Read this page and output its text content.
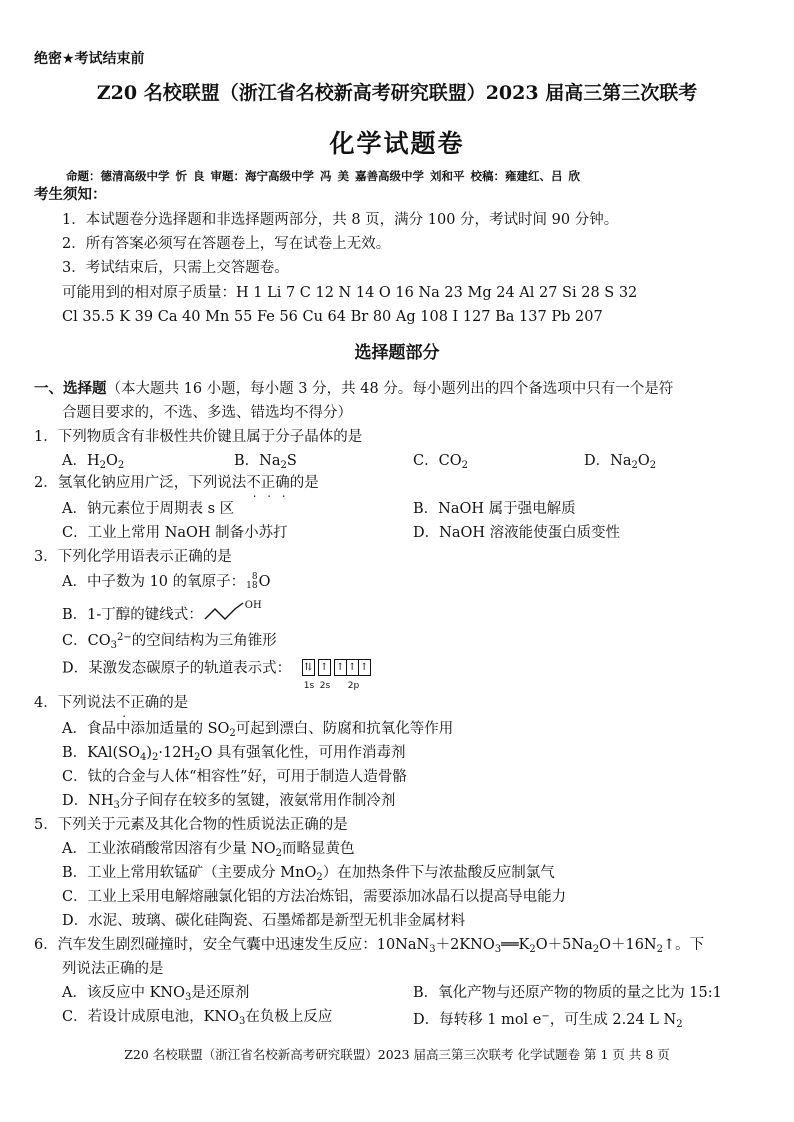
绝密★考试结束前
Z20 名校联盟（浙江省名校新高考研究联盟）2023 届高三第三次联考
化学试题卷
命题：德清高级中学 忻 良 审题：海宁高级中学 冯 美 嘉善高级中学 刘和平 校稿：雍建红、吕 欣
考生须知：
1．本试题卷分选择题和非选择题两部分，共 8 页，满分 100 分，考试时间 90 分钟。
2．所有答案必须写在答题卷上，写在试卷上无效。
3．考试结束后，只需上交答题卷。
可能用到的相对原子质量：H 1 Li 7 C 12 N 14 O 16 Na 23 Mg 24 Al 27 Si 28 S 32
Cl 35.5 K 39 Ca 40 Mn 55 Fe 56 Cu 64 Br 80 Ag 108 I 127 Ba 137 Pb 207
选择题部分
一、选择题（本大题共 16 小题，每小题 3 分，共 48 分。每小题列出的四个备选项中只有一个是符
合题目要求的，不选、多选、错选均不得分）
1．下列物质含有非极性共价键且属于分子晶体的是
A．$H_2O_2$	B．$Na_2S$	C．$CO_2$	D．$Na_2O_2$
2．氢氧化钠应用广泛，下列说法不正确的是
A．钠元素位于周期表 s 区	B．NaOH 属于强电解质
C．工业上常用 NaOH 制备小苏打	D．NaOH 溶液能使蛋白质变性
3．下列化学用语表示正确的是
A．中子数为 10 的氧原子： 8
18O
B．1-丁醇的键线式：$^{OH}$
C．$CO_3^{2-}$的空间结构为三角锥形
D．某激发态碳原子的轨道表示式： ⇅ ↑ ↑ ↑ ↑
1s 2s 2p
4．下列说法不正确的是
A．食品中添加适量的 $SO_2$可起到漂白、防腐和抗氧化等作用
B．$KAl(SO_4)_2\cdot 12H_2O$ 具有强氧化性，可用作消毒剂
C．钛的合金与人体“相容性”好，可用于制造人造骨骼
D．$NH_3$分子间存在较多的氢键，液氨常用作制冷剂
5．下列关于元素及其化合物的性质说法正确的是
A．工业浓硝酸常因溶有少量 $NO_2$而略显黄色
B．工业上常用软锰矿（主要成分 MnO$_2$）在加热条件下与浓盐酸反应制氯气
C．工业上采用电解熔融氯化铝的方法冶炼铝，需要添加冰晶石以提高导电能力
D．水泥、玻璃、碳化硅陶瓷、石墨烯都是新型无机非金属材料
6．汽车发生剧烈碰撞时，安全气囊中迅速发生反应：$10NaN_3+2KNO_3══K_2O+5Na_2O+16N_2↑$。下
列说法正确的是
A．该反应中 $KNO_3$是还原剂	B．氧化产物与还原产物的物质的量之比为 15:1
C．若设计成原电池，$KNO_3$在负极上反应	D．每转移 1 mol e−，可生成 2.24 L $N_2$
Z20 名校联盟（浙江省名校新高考研究联盟）2023 届高三第三次联考 化学试题卷 第 1 页 共 8 页
